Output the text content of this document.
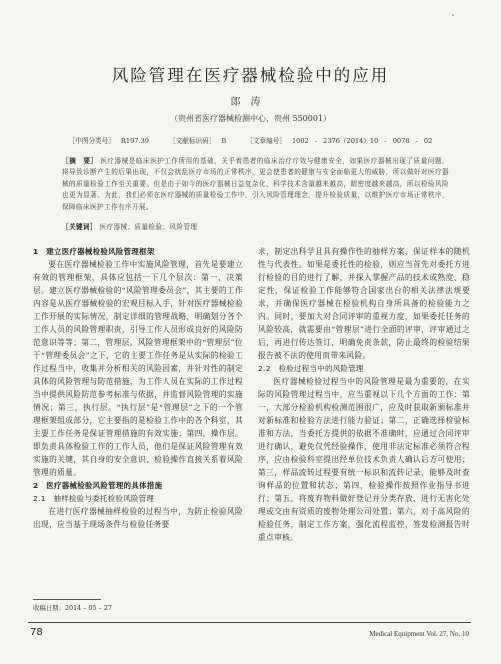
风险管理在医疗器械检验中的应用
郎涛
（贵州省医疗器械检测中心，贵州 550001）
［中图分类号］ R197.39	［文献标识码］ B	［文章编号］ 1002 - 2376（2014）10 - 0078 - 02
［摘　要］ 医疗器械是临床医护工作所用的基础，关乎着患者的临床治疗疗效与健康安全，如果医疗器械出现了质量问题，将导致诊断产生的后果出现，不仅会扰乱医疗市场的正常秩序，更会使患者的健康与安全面临更大的威胁，所以做好对医疗器械的质量检验工作至关重要。但是由于如今的医疗器械日益复杂化，科学技术含量越来越高，精密度越来越高，所以检验风险也更为显著。为此，我们必须在医疗器械的质量检验工作中，引入风险管理理念，提升检验质量，以维护医疗市场正常秩序，保障临床医护工作有序开展。
［关键词］ 医疗器械；质量检验；风险管理

1　建立医疗器械检验风险管理框架

要在医疗器械检验工作中实施风险管理，首先是要建立有效的管理框架，具体应包括一下几个层次：第一，决策层。建立医疗器械检验的“风险管理委员会”，其主要的工作内容是从医疗器械检验的宏观目标入手，针对医疗器械检验工作开展的实际情况，制定详细的管理战略，明确划分各个工作人员的风险管理职责，引导工作人员形成良好的风险防范意识等等；第二，管理层。风险管理框架中的“管理层”位于“管理委员会”之下，它的主要工作任务是从实际的检验工作过程当中，收集并分析相关的风险因素，并针对性的制定具体的风险管理与防范措施，为工作人员在实际的工作过程当中提供风险防范参考标准与依据，并监督风险管理的实施情况；第三，执行层。“执行层”是“管理层”之下的一个管理框架组成部分，它主要指的是检验工作中的各个科室，其主要工作任务是保证管理措施的有效实施；第四，操作层。即负责具体检验工作的工作人员，他们是保证风险管理有效实施的关键，其自身的安全意识、检验操作直接关系着风险管理的质量。

2　医疗器械检验风险管理的具体措施

2.1　抽样检验与委托检验风险管理

在进行医疗器械抽样检验的过程当中，为防止检验风险出现，应当基于现场条件与检验任务要

求，制定出科学且具有操作性的抽样方案，保证样本的随机性与代表性。如果是委托性的检验，则应当首先对委托方进行检验的目的进行了解，并探入掌握产品的技术成熟度、稳定性，保证检验工作能够符合国家出台的相关法律法规要求，并确保医疗器械在检验机构自身所具备的检验能力之内。同时，要加大对合同评审的重视力度，如果委托任务的风险较高，就需要由“管理层”进行全面的评审，评审通过之后，再进行传达签订，明确免责条款，防止最终的检验结果报告被不法的使用而带来风险。

2.2　检验过程当中的风险管理

医疗器械检验过程当中的风险管理是最为重要的，在实际的风险管理过程当中，应当重视以下几个方面的工作：第一，大部分检验机构检测范围很广，应及时获取新颁标准并对新标准和检验方法进行能力验证；第二，正确选择检验标准和方法，当委托方提供的依据不准确时，应通过合同评审进行确认，避免仅凭经验操作，使用非法定标准必须符合程序，应由检验科室提出经单位技术负责人确认后方可使用；第三，样品流转过程要有统一标识和流转记录，能够及时查询样品的位置和状态；第四，检验操作按照作业指导书进行；第五，将废弃物料做好登记并分类存放，进行无害化处理或交由有资质的废物处理公司处置；第六，对于高风险的检验任务，制定工作方案，强化流程监控，签发检测报告时重点审核。

收稿日期：2014 – 05 – 27
78	Medical Equipment Vol. 27, No. 10
